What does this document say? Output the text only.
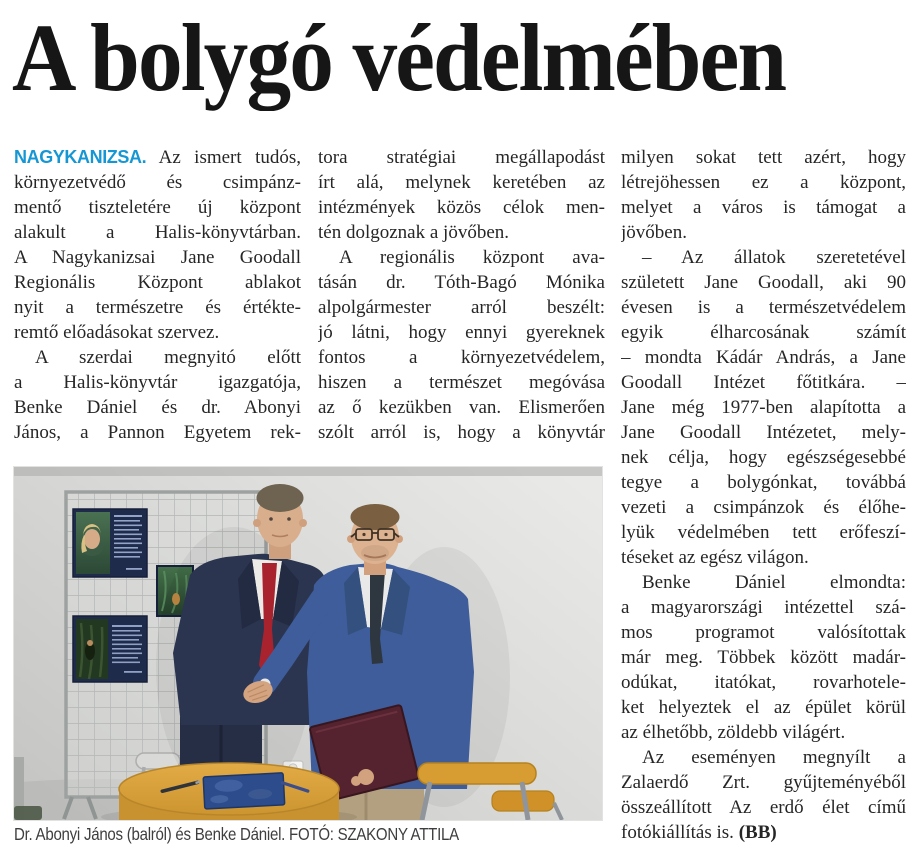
A bolygó védelmében
NAGYKANIZSA. Az ismert tudós,
környezetvédő és csimpánz-
mentő tiszteletére új központ
alakult a Halis-könyvtárban.
A Nagykanizsai Jane Goodall
Regionális Központ ablakot
nyit a természetre és értékte-
remtő előadásokat szervez.
A szerdai megnyitó előtt
a Halis-könyvtár igazgatója,
Benke Dániel és dr. Abonyi
János, a Pannon Egyetem rek-
tora stratégiai megállapodást
írt alá, melynek keretében az
intézmények közös célok men-
tén dolgoznak a jövőben.
A regionális központ ava-
tásán dr. Tóth-Bagó Mónika
alpolgármester arról beszélt:
jó látni, hogy ennyi gyereknek
fontos a környezetvédelem,
hiszen a természet megóvása
az ő kezükben van. Elismerően
szólt arról is, hogy a könyvtár
milyen sokat tett azért, hogy
létrejöhessen ez a központ,
melyet a város is támogat a
jövőben.
– Az állatok szeretetével
született Jane Goodall, aki 90
évesen is a természetvédelem
egyik élharcosának számít
– mondta Kádár András, a Jane
Goodall Intézet főtitkára. –
Jane még 1977-ben alapította a
Jane Goodall Intézetet, mely-
nek célja, hogy egészségesebbé
tegye a bolygónkat, továbbá
vezeti a csimpánzok és élőhe-
lyük védelmében tett erőfeszí-
téseket az egész világon.
Benke Dániel elmondta:
a magyarországi intézettel szá-
mos programot valósítottak
már meg. Többek között madár-
odúkat, itatókat, rovarhotele-
ket helyeztek el az épület körül
az élhetőbb, zöldebb világért.
Az eseményen megnyílt a
Zalaerdő Zrt. gyűjteményéből
összeállított Az erdő élet című
fotókiállítás is. (BB)
Dr. Abonyi János (balról) és Benke Dániel. FOTÓ: SZAKONY ATTILA
